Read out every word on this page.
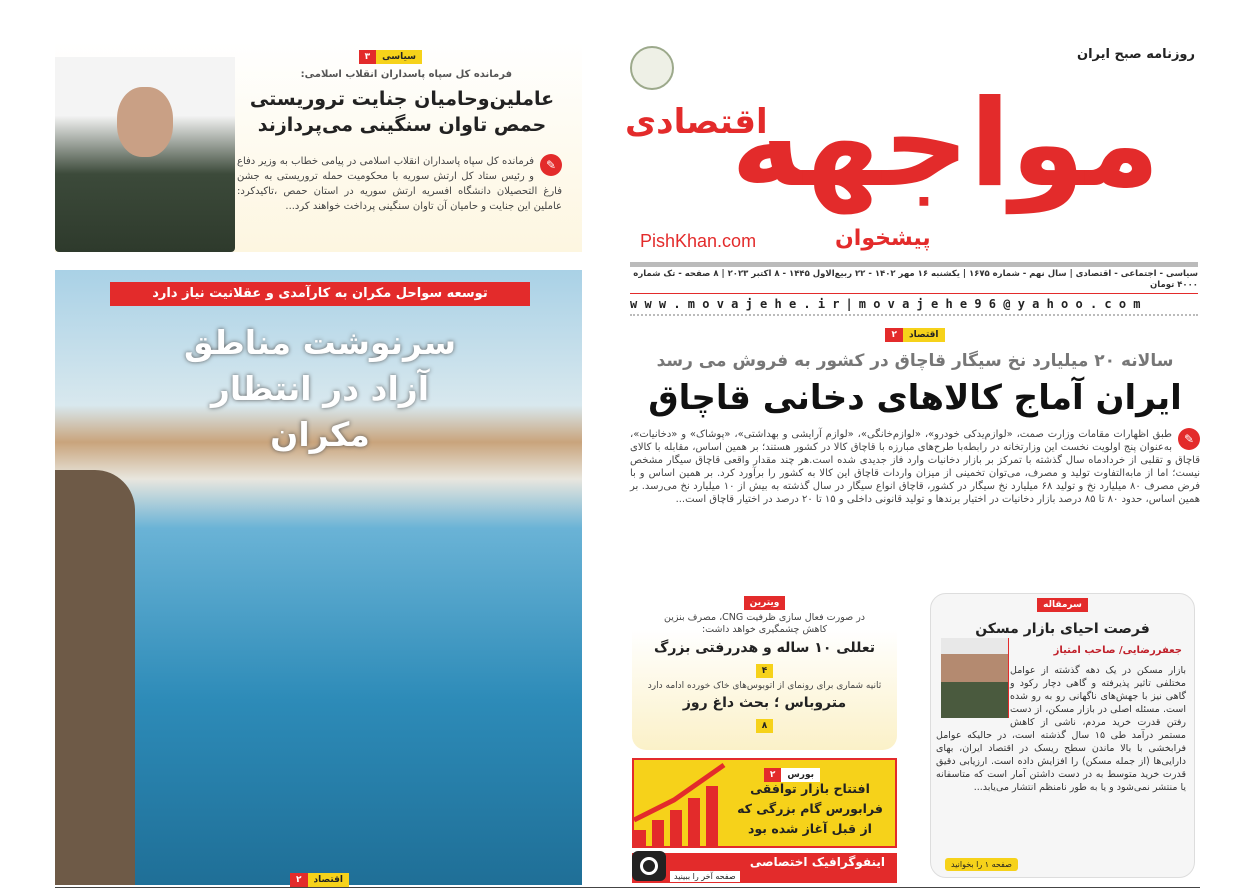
روزنامه صبح ایران
مواجهه
اقتصادی
پیشخوان
PishKhan.com
سیاسی - اجتماعی - اقتصادی | سال نهم - شماره ۱۶۷۵ | یکشنبه ۱۶ مهر ۱۴۰۲ - ۲۲ ربیع‌الاول ۱۴۴۵ - ۸ اکتبر ۲۰۲۳ | ۸ صفحه - تک شماره ۴۰۰۰ تومان
w w w . m o v a j e h e . i r | m o v a j e h e 9 6 @ y a h o o . c o m
اقتصاد
۲
سالانه ۲۰ میلیارد نخ سیگار قاچاق در کشور به فروش می رسد
ایران آماج کالاهای دخانی قاچاق
✎

طبق اظهارات مقامات وزارت صمت، «لوازم‌یدکی خودرو»، «لوازم‌خانگی»، «لوازم آرایشی و بهداشتی»، «پوشاک» و «دخانیات»، به‌عنوان پنج اولویت نخست این وزارتخانه در رابطه‌با طرح‌های مبارزه با قاچاق کالا در کشور هستند؛ بر همین اساس، مقابله با کالای قاچاق و تقلبی از خردادماه سال گذشته با تمرکز بر بازار دخانیات وارد فاز جدیدی شده است.هر چند مقدار واقعی قاچاق سیگار مشخص نیست؛ اما از مابه‌التفاوت تولید و مصرف، می‌توان تخمینی از میزان واردات قاچاق این کالا به کشور را برآورد کرد. بر همین اساس و با فرض مصرف ۸۰ میلیارد نخ و تولید ۶۸ میلیارد نخ سیگار در کشور، قاچاق انواع سیگار در سال گذشته به بیش از ۱۰ میلیارد نخ می‌رسد. بر همین اساس، حدود ۸۰ تا ۸۵ درصد بازار دخانیات در اختیار برندها و تولید قانونی داخلی و ۱۵ تا ۲۰ درصد در اختیار قاچاق است...

سیاسی
۳
فرمانده کل سپاه پاسداران انقلاب اسلامی:
عاملین‌وحامیان جنایت تروریستی حمص تاوان سنگینی می‌پردازند
✎

فرمانده کل سپاه پاسداران انقلاب اسلامی در پیامی خطاب به وزیر دفاع و رئیس ستاد کل ارتش سوریه با محکومیت حمله تروریستی به جشن فارغ التحصیلان دانشگاه افسریه ارتش سوریه در استان حمص ،تاکیدکرد: عاملین این جنایت و حامیان آن تاوان سنگینی پرداخت خواهند کرد...

توسعه سواحل مکران به کارآمدی و عقلانیت نیاز دارد
سرنوشت مناطق آزاد در انتظار مکران
اقتصاد
۲
ویترین
در صورت فعال سازی ظرفیت CNG، مصرف بنزین کاهش چشمگیری خواهد داشت:
تعللی ۱۰ ساله و هدررفتی بزرگ
۴
ثانیه شماری برای رونمای از اتوبوس‌های خاک خورده ادامه دارد
متروباس ؛ بحث داغ روز
۸
بورس
۲
افتتاح بازار توافقی فرابورس گام بزرگی که از قبل آغاز شده بود
اینفوگرافیک اختصاصی
صفحه آخر را ببینید
سرمقاله
فرصت احیای بازار مسکن
جعفررضایی/ صاحب امتیاز

بازار مسکن در یک دهه گذشته از عوامل مختلفی تاثیر پذیرفته و گاهی دچار رکود و گاهی نیز با جهش‌های ناگهانی رو به رو شده است. مسئله اصلی در بازار مسکن، از دست رفتن قدرت خرید مردم، ناشی از کاهش مستمر درآمد طی ۱۵ سال گذشته است، در حالیکه عوامل فرابخشی با بالا ماندن سطح ریسک در اقتصاد ایران، بهای دارایی‌ها (از جمله مسکن) را افزایش داده است. ارزیابی دقیق قدرت خرید متوسط به در دست داشتن آمار است که متاسفانه یا منتشر نمی‌شود و یا به طور نامنظم انتشار می‌یابد...

صفحه ۱ را بخوانید
